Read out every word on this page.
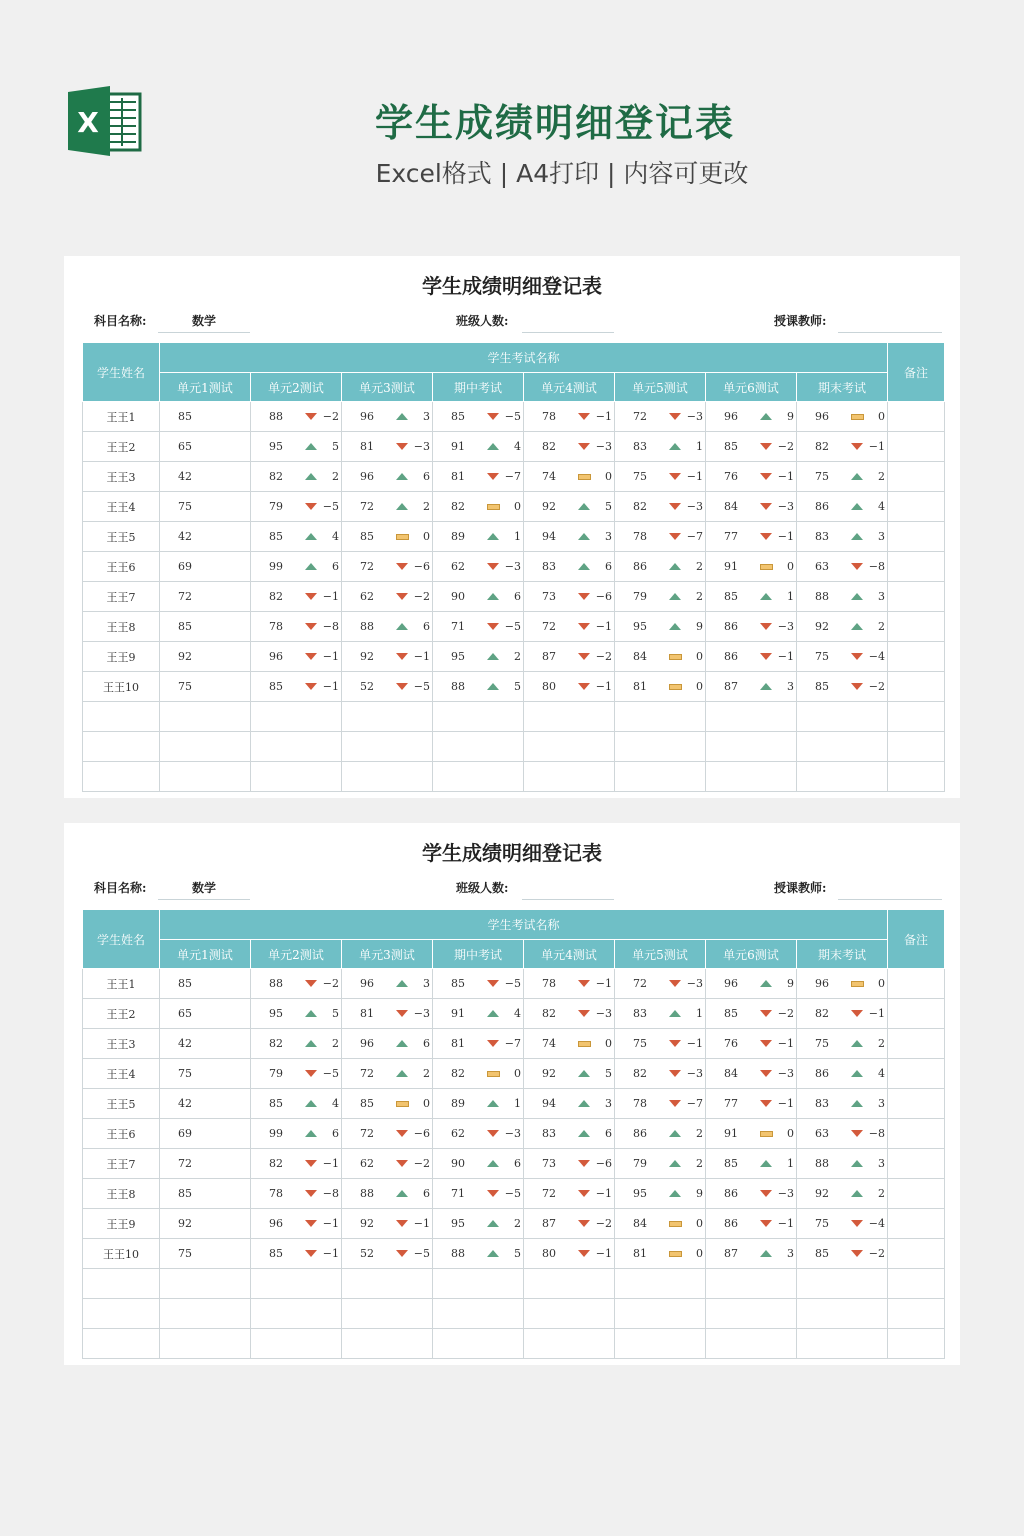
X	学生成绩明细登记表
Excel格式 | A4打印 | 内容可更改
学生成绩明细登记表
科目名称:	数学	班级人数:	授课教师:
学生姓名	学生考试名称								备注
	单元1测试	单元2测试	单元3测试	期中考试	单元4测试	单元5测试	单元6测试	期末考试	
王王1	85	88 −2	96 3	85 −5	78 −1	72 −3	96 9	96 0	

王王2	65	95 5	81 −3	91 4	82 −3	83 1	85 −2	82 −1	

王王3	42	82 2	96 6	81 −7	74 0	75 −1	76 −1	75 2	

王王4	75	79 −5	72 2	82 0	92 5	82 −3	84 −3	86 4	

王王5	42	85 4	85 0	89 1	94 3	78 −7	77 −1	83 3	

王王6	69	99 6	72 −6	62 −3	83 6	86 2	91 0	63 −8	

王王7	72	82 −1	62 −2	90 6	73 −6	79 2	85 1	88 3	

王王8	85	78 −8	88 6	71 −5	72 −1	95 9	86 −3	92 2	

王王9	92	96 −1	92 −1	95 2	87 −2	84 0	86 −1	75 −4	

王王10	75	85 −1	52 −5	88 5	80 −1	81 0	87 3	85 −2	

学生成绩明细登记表
科目名称:	数学	班级人数:	授课教师:
学生姓名	学生考试名称								备注
	单元1测试	单元2测试	单元3测试	期中考试	单元4测试	单元5测试	单元6测试	期末考试	
王王1	85	88 −2	96 3	85 −5	78 −1	72 −3	96 9	96 0	

王王2	65	95 5	81 −3	91 4	82 −3	83 1	85 −2	82 −1	

王王3	42	82 2	96 6	81 −7	74 0	75 −1	76 −1	75 2	

王王4	75	79 −5	72 2	82 0	92 5	82 −3	84 −3	86 4	

王王5	42	85 4	85 0	89 1	94 3	78 −7	77 −1	83 3	

王王6	69	99 6	72 −6	62 −3	83 6	86 2	91 0	63 −8	

王王7	72	82 −1	62 −2	90 6	73 −6	79 2	85 1	88 3	

王王8	85	78 −8	88 6	71 −5	72 −1	95 9	86 −3	92 2	

王王9	92	96 −1	92 −1	95 2	87 −2	84 0	86 −1	75 −4	

王王10	75	85 −1	52 −5	88 5	80 −1	81 0	87 3	85 −2	
